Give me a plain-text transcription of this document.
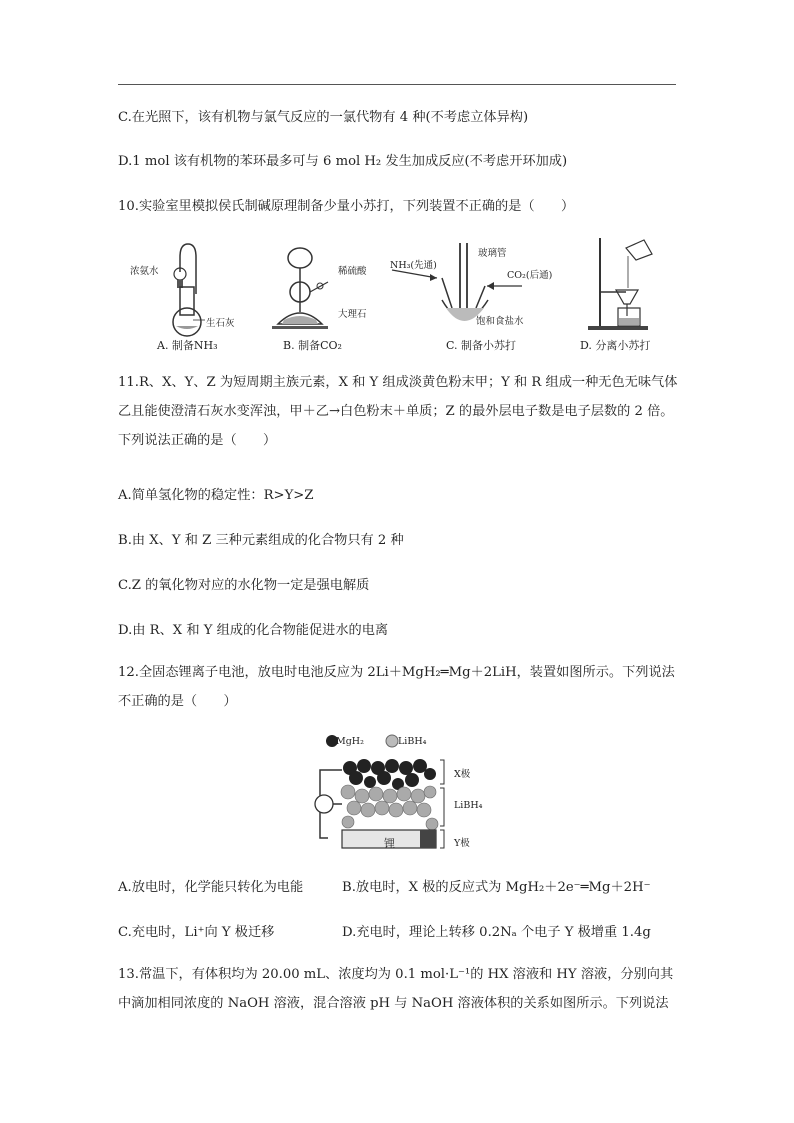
C.在光照下，该有机物与氯气反应的一氯代物有 4 种(不考虑立体异构)
D.1 mol 该有机物的苯环最多可与 6 mol H₂ 发生加成反应(不考虑开环加成)
10.实验室里模拟侯氏制碱原理制备少量小苏打，下列装置不正确的是（　　）
浓氨水
生石灰
稀硫酸
大理石
NH₃(先通)
玻璃管
CO₂(后通)
饱和食盐水
A. 制备NH₃	B. 制备CO₂	C. 制备小苏打	D. 分离小苏打
11.R、X、Y、Z 为短周期主族元素，X 和 Y 组成淡黄色粉末甲；Y 和 R 组成一种无色无味气体乙且能使澄清石灰水变浑浊，甲＋乙→白色粉末＋单质；Z 的最外层电子数是电子层数的 2 倍。下列说法正确的是（　　）
A.简单氢化物的稳定性：R>Y>Z
B.由 X、Y 和 Z 三种元素组成的化合物只有 2 种
C.Z 的氧化物对应的水化物一定是强电解质
D.由 R、X 和 Y 组成的化合物能促进水的电离
12.全固态锂离子电池，放电时电池反应为 2Li＋MgH₂═Mg＋2LiH，装置如图所示。下列说法不正确的是（　　）
MgH₂	LiBH₄
X极
LiBH₄
Y极
锂
A.放电时，化学能只转化为电能	B.放电时，X 极的反应式为 MgH₂＋2e⁻═Mg＋2H⁻
C.充电时，Li⁺向 Y 极迁移	D.充电时，理论上转移 0.2Nₐ 个电子 Y 极增重 1.4g
13.常温下，有体积均为 20.00 mL、浓度均为 0.1 mol·L⁻¹的 HX 溶液和 HY 溶液，分别向其中滴加相同浓度的 NaOH 溶液，混合溶液 pH 与 NaOH 溶液体积的关系如图所示。下列说法
